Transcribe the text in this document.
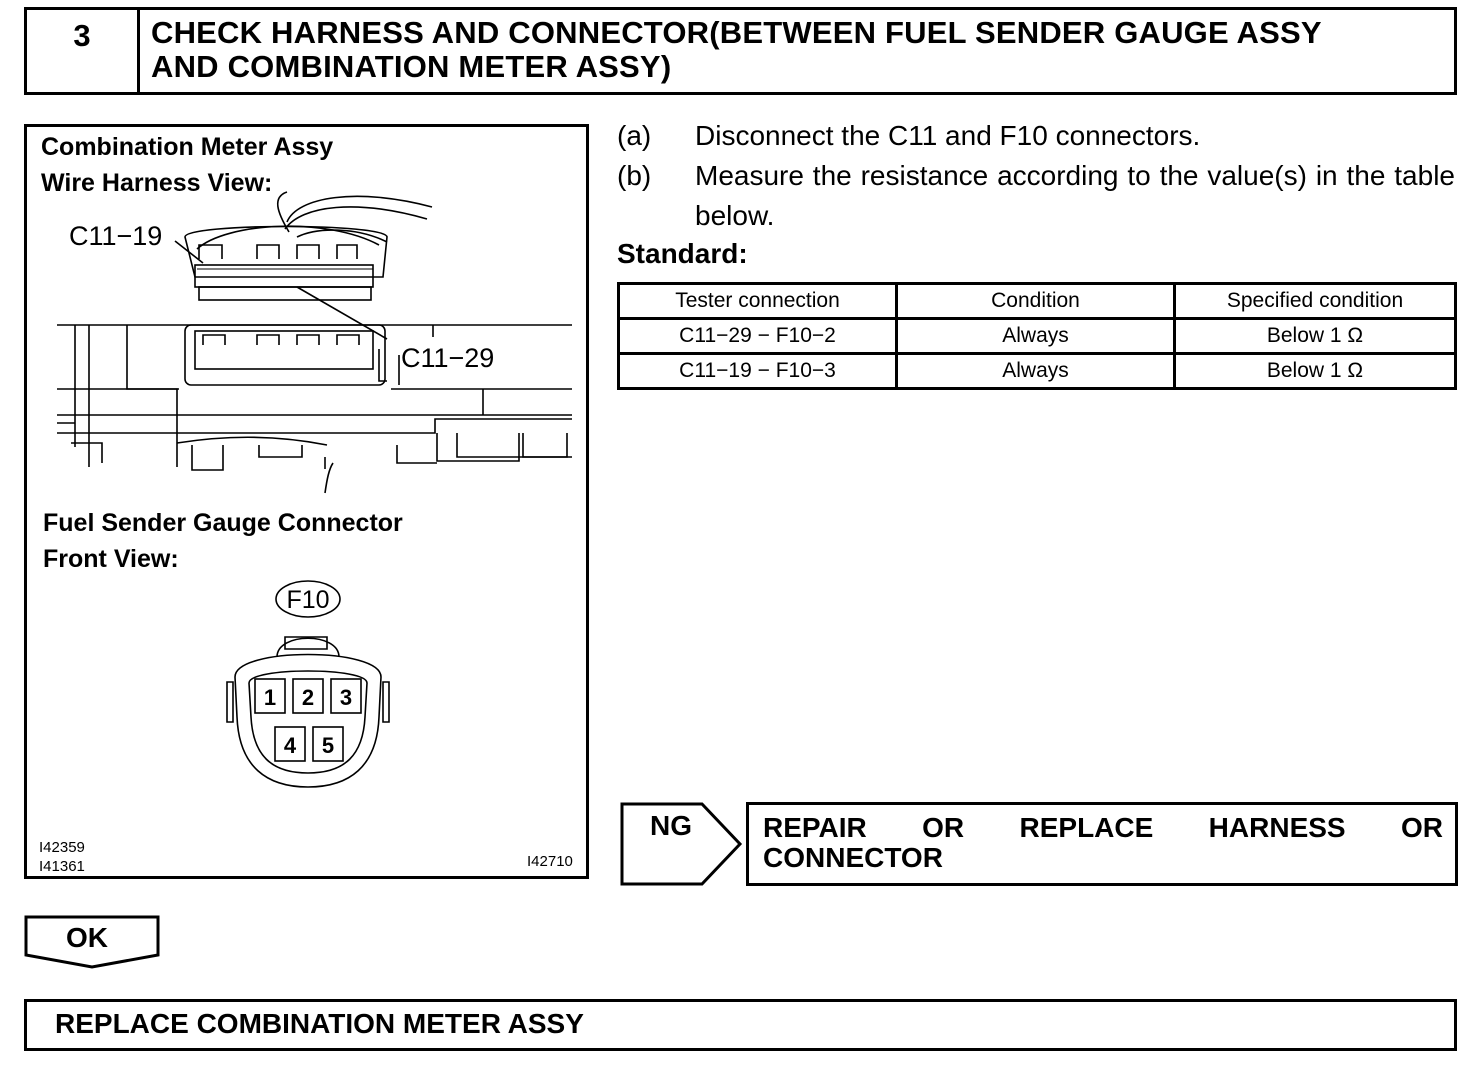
3	CHECK HARNESS AND CONNECTOR(BETWEEN FUEL SENDER GAUGE ASSY
AND COMBINATION METER ASSY)
Combination Meter Assy
Wire Harness View:
1 2 3
4 5
F10
C11−19
C11−29
Fuel Sender Gauge Connector
Front View:
I42359
I41361	I42710
(a) Disconnect the C11 and F10 connectors.
(b) Measure the resistance according to the value(s) in the table below.
Standard:
Tester connection	Condition	Specified condition
C11−29 − F10−2	Always	Below 1 Ω
C11−19 − F10−3	Always	Below 1 Ω
NG	REPAIR OR REPLACE HARNESS OR
CONNECTOR
OK
REPLACE COMBINATION METER ASSY
